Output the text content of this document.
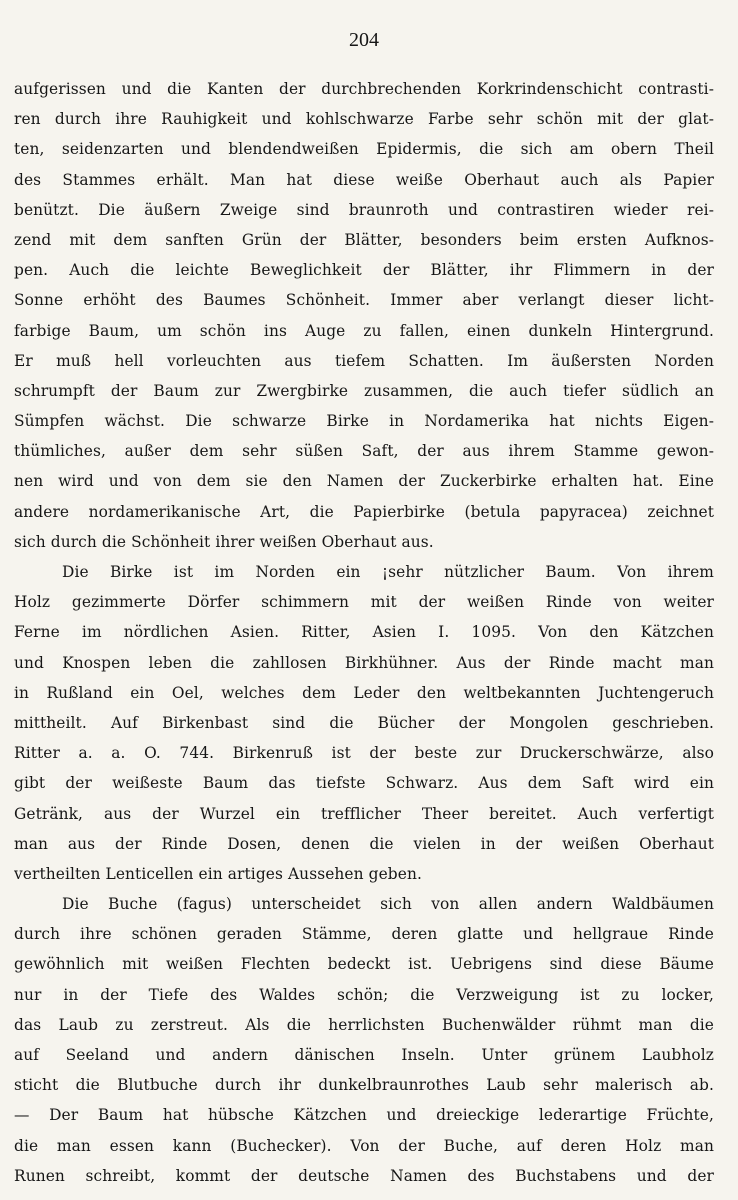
204
aufgerissen und die Kanten der durchbrechenden Korkrindenschicht contrasti-
ren durch ihre Rauhigkeit und kohlschwarze Farbe sehr schön mit der glat-
ten, seidenzarten und blendendweißen Epidermis, die sich am obern Theil
des Stammes erhält. Man hat diese weiße Oberhaut auch als Papier
benützt. Die äußern Zweige sind braunroth und contrastiren wieder rei-
zend mit dem sanften Grün der Blätter, besonders beim ersten Aufknos-
pen. Auch die leichte Beweglichkeit der Blätter, ihr Flimmern in der
Sonne erhöht des Baumes Schönheit. Immer aber verlangt dieser licht-
farbige Baum, um schön ins Auge zu fallen, einen dunkeln Hintergrund.
Er muß hell vorleuchten aus tiefem Schatten. Im äußersten Norden
schrumpft der Baum zur Zwergbirke zusammen, die auch tiefer südlich an
Sümpfen wächst. Die schwarze Birke in Nordamerika hat nichts Eigen-
thümliches, außer dem sehr süßen Saft, der aus ihrem Stamme gewon-
nen wird und von dem sie den Namen der Zuckerbirke erhalten hat. Eine
andere nordamerikanische Art, die Papierbirke (betula papyracea) zeichnet
sich durch die Schönheit ihrer weißen Oberhaut aus.
Die Birke ist im Norden ein ¡sehr nützlicher Baum. Von ihrem
Holz gezimmerte Dörfer schimmern mit der weißen Rinde von weiter
Ferne im nördlichen Asien. Ritter, Asien I. 1095. Von den Kätzchen
und Knospen leben die zahllosen Birkhühner. Aus der Rinde macht man
in Rußland ein Oel, welches dem Leder den weltbekannten Juchtengeruch
mittheilt. Auf Birkenbast sind die Bücher der Mongolen geschrieben.
Ritter a. a. O. 744. Birkenruß ist der beste zur Druckerschwärze, also
gibt der weißeste Baum das tiefste Schwarz. Aus dem Saft wird ein
Getränk, aus der Wurzel ein trefflicher Theer bereitet. Auch verfertigt
man aus der Rinde Dosen, denen die vielen in der weißen Oberhaut
vertheilten Lenticellen ein artiges Aussehen geben.
Die Buche (fagus) unterscheidet sich von allen andern Waldbäumen
durch ihre schönen geraden Stämme, deren glatte und hellgraue Rinde
gewöhnlich mit weißen Flechten bedeckt ist. Uebrigens sind diese Bäume
nur in der Tiefe des Waldes schön; die Verzweigung ist zu locker,
das Laub zu zerstreut. Als die herrlichsten Buchenwälder rühmt man die
auf Seeland und andern dänischen Inseln. Unter grünem Laubholz
sticht die Blutbuche durch ihr dunkelbraunrothes Laub sehr malerisch ab.
— Der Baum hat hübsche Kätzchen und dreieckige lederartige Früchte,
die man essen kann (Buchecker). Von der Buche, auf deren Holz man
Runen schreibt, kommt der deutsche Namen des Buchstabens und der
